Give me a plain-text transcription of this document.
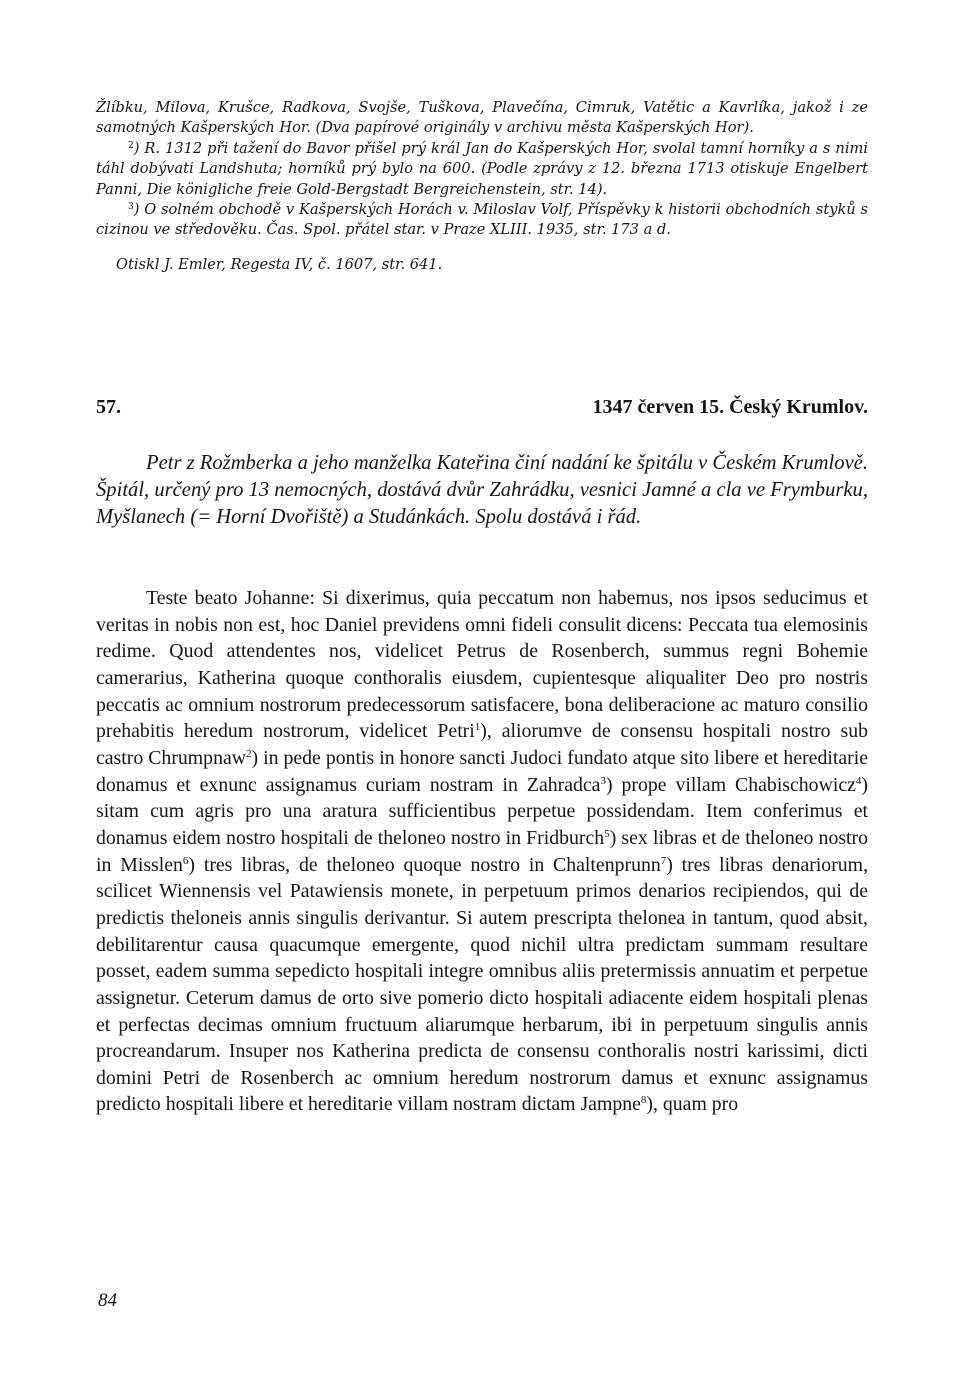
Žlíbku, Milova, Krušce, Radkova, Svojše, Tuškova, Plavečína, Cimruk, Vatětic a Kavrlíka, jakož i ze samotných Kašperských Hor. (Dva papírové originály v archivu města Kašperských Hor).

$^2$) R. 1312 při tažení do Bavor přišel prý král Jan do Kašperských Hor, svolal tamní horníky a s nimi táhl dobývati Landshuta; horníků prý bylo na 600. (Podle zprávy z 12. března 1713 otiskuje Engelbert Panni, Die königliche freie Gold-Bergstadt Bergreichenstein, str. 14).

$^3$) O solném obchodě v Kašperských Horách v. Miloslav Volf, Příspěvky k historii obchodních styků s cizinou ve středověku. Čas. Spol. přátel star. v Praze XLIII. 1935, str. 173 a d.

Otiskl J. Emler, Regesta IV, č. 1607, str. 641.

57.	1347 červen 15. Český Krumlov.

Petr z Rožmberka a jeho manželka Kateřina činí nadání ke špitálu v Českém Krumlově. Špitál, určený pro 13 nemocných, dostává dvůr Zahrádku, vesnici Jamné a cla ve Frymburku, Myšlanech (= Horní Dvořiště) a Studánkách. Spolu dostává i řád.

Teste beato Johanne: Si dixerimus, quia peccatum non habemus, nos ipsos seducimus et veritas in nobis non est, hoc Daniel previdens omni fideli consulit dicens: Peccata tua elemosinis redime. Quod attendentes nos, videlicet Petrus de Rosenberch, summus regni Bohemie camerarius, Katherina quoque conthoralis eiusdem, cupientesque aliqualiter Deo pro nostris peccatis ac omnium nostrorum predecessorum satisfacere, bona deliberacione ac maturo consilio prehabitis heredum nostrorum, videlicet Petri$^1$), aliorumve de consensu hospitali nostro sub castro Chrumpnaw$^2$) in pede pontis in honore sancti Judoci fundato atque sito libere et hereditarie donamus et exnunc assignamus curiam nostram in Zahradca$^3$) prope villam Chabischowicz$^4$) sitam cum agris pro una aratura sufficientibus perpetue possidendam. Item conferimus et donamus eidem nostro hospitali de theloneo nostro in Fridburch$^5$) sex libras et de theloneo nostro in Misslen$^6$) tres libras, de theloneo quoque nostro in Chaltenprunn$^7$) tres libras denariorum, scilicet Wiennensis vel Patawiensis monete, in perpetuum primos denarios recipiendos, qui de predictis theloneis annis singulis derivantur. Si autem prescripta thelonea in tantum, quod absit, debilitarentur causa quacumque emergente, quod nichil ultra predictam summam resultare posset, eadem summa sepedicto hospitali integre omnibus aliis pretermissis annuatim et perpetue assignetur. Ceterum damus de orto sive pomerio dicto hospitali adiacente eidem hospitali plenas et perfectas decimas omnium fructuum aliarumque herbarum, ibi in perpetuum singulis annis procreandarum. Insuper nos Katherina predicta de consensu conthoralis nostri karissimi, dicti domini Petri de Rosenberch ac omnium heredum nostrorum damus et exnunc assignamus predicto hospitali libere et hereditarie villam nostram dictam Jampne$^8$), quam pro

84
